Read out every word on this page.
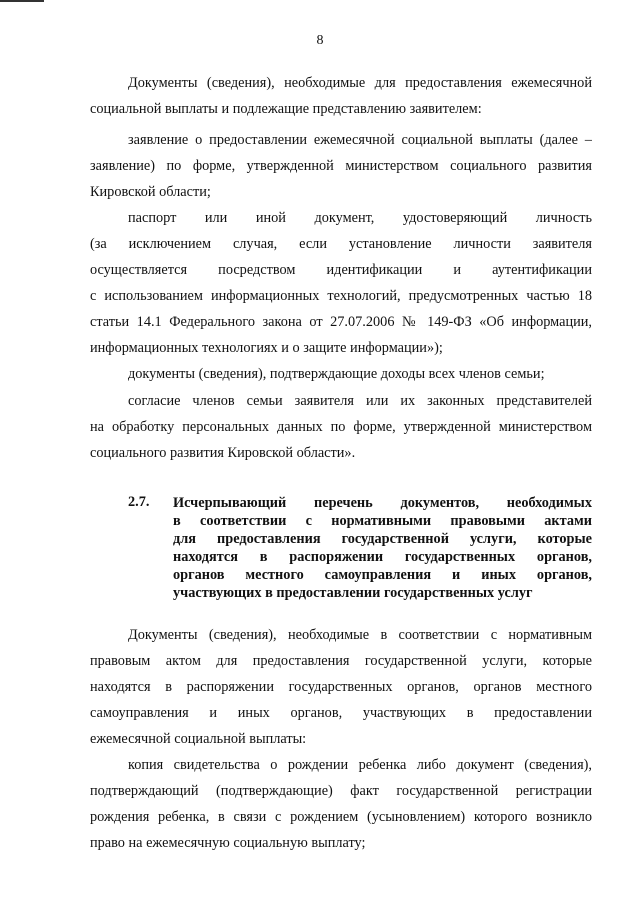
8
Документы (сведения), необходимые для предоставления ежемесячной
социальной выплаты и подлежащие представлению заявителем:
заявление о предоставлении ежемесячной социальной выплаты (далее –
заявление) по форме, утвержденной министерством социального развития
Кировской области;
паспорт или иной документ, удостоверяющий личность
(за исключением случая, если установление личности заявителя
осуществляется посредством идентификации и аутентификации
с использованием информационных технологий, предусмотренных частью 18
статьи 14.1 Федерального закона от 27.07.2006 № 149-ФЗ «Об информации,
информационных технологиях и о защите информации»);
документы (сведения), подтверждающие доходы всех членов семьи;
согласие членов семьи заявителя или их законных представителей
на обработку персональных данных по форме, утвержденной министерством
социального развития Кировской области».
2.7. Исчерпывающий перечень документов, необходимых
в соответствии с нормативными правовыми актами
для предоставления государственной услуги, которые
находятся в распоряжении государственных органов,
органов местного самоуправления и иных органов,
участвующих в предоставлении государственных услуг
Документы (сведения), необходимые в соответствии с нормативным
правовым актом для предоставления государственной услуги, которые
находятся в распоряжении государственных органов, органов местного
самоуправления и иных органов, участвующих в предоставлении
ежемесячной социальной выплаты:
копия свидетельства о рождении ребенка либо документ (сведения),
подтверждающий (подтверждающие) факт государственной регистрации
рождения ребенка, в связи с рождением (усыновлением) которого возникло
право на ежемесячную социальную выплату;
